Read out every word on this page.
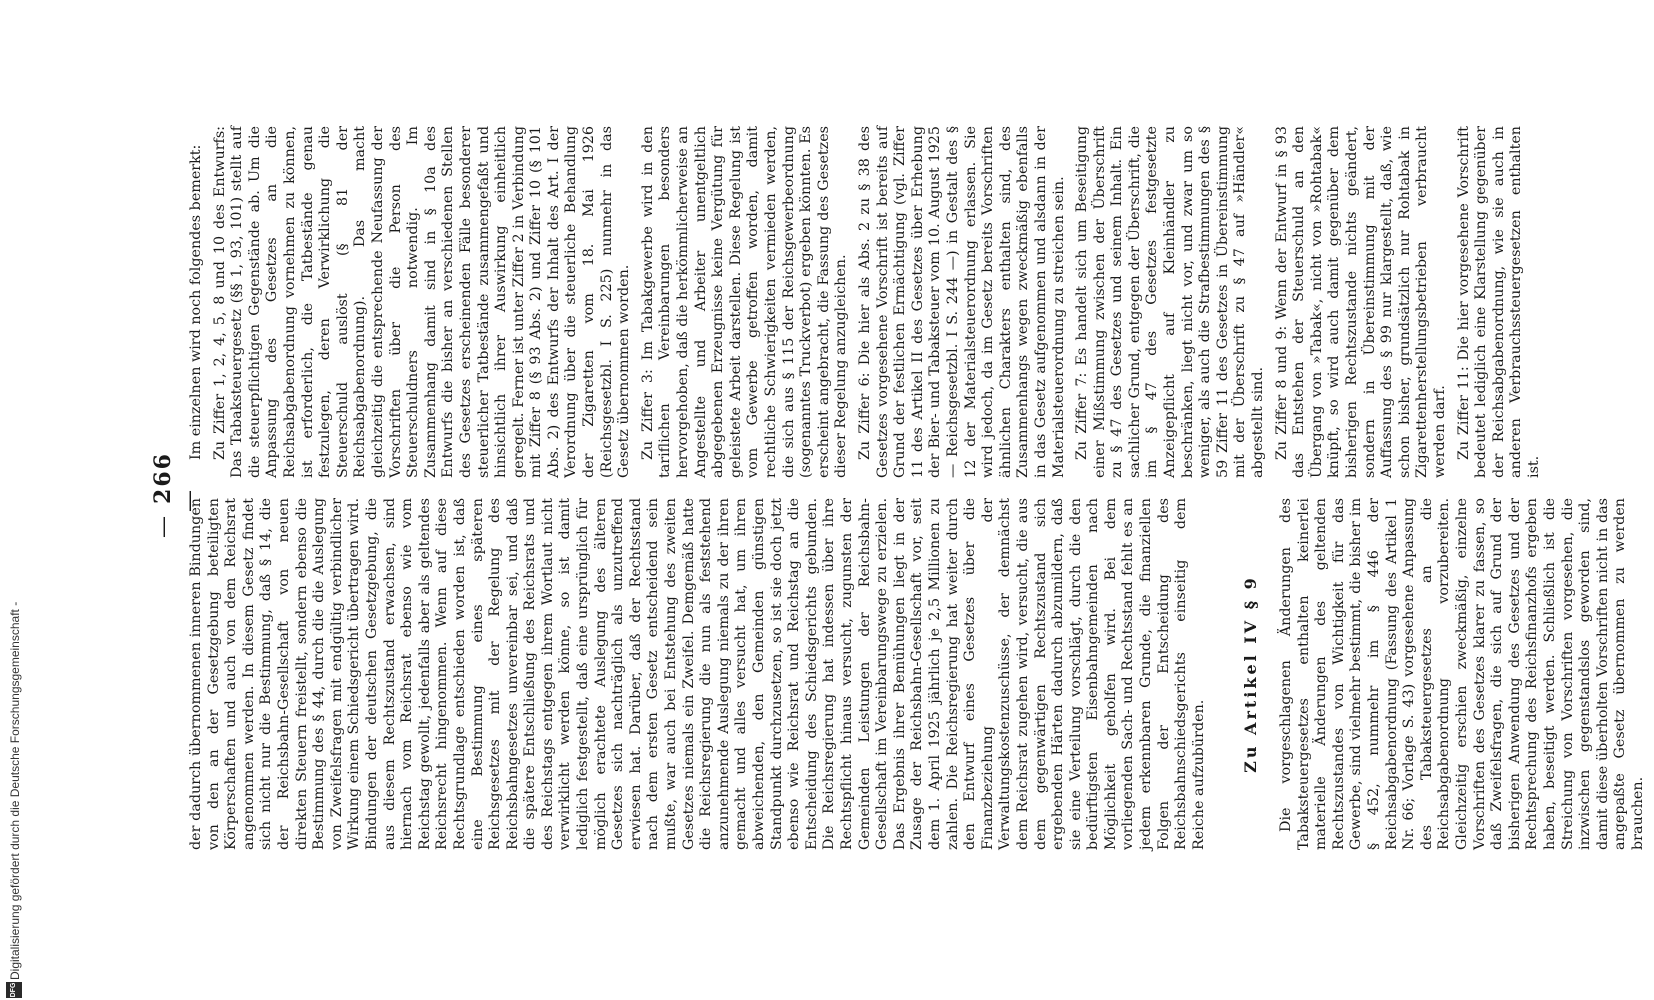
DFG
Digitalisierung gefördert durch die Deutsche Forschungsgemeinschaft -
— 266 —

der dadurch übernommenen inneren Bindungen von den an der Gesetzgebung beteiligten Körperschaften und auch von dem Reichsrat angenommen werden. In diesem Gesetz findet sich nicht nur die Bestimmung, daß § 14, die der Reichsbahn-Gesellschaft von neuen direkten Steuern freistellt, sondern ebenso die Bestimmung des § 44, durch die die Auslegung von Zweifelsfragen mit endgültig verbindlicher Wirkung einem Schiedsgericht übertragen wird. Bindungen der deutschen Gesetzgebung, die aus diesem Rechtszustand erwachsen, sind hiernach vom Reichsrat ebenso wie vom Reichstag gewollt, jedenfalls aber als geltendes Reichsrecht hingenommen. Wenn auf diese Rechtsgrundlage entschieden worden ist, daß eine Bestimmung eines späteren Reichsgesetzes mit der Regelung des Reichsbahngesetzes unvereinbar sei, und daß die spätere Entschließung des Reichsrats und des Reichstags entgegen ihrem Wortlaut nicht verwirklicht werden könne, so ist damit lediglich festgestellt, daß eine ursprünglich für möglich erachtete Auslegung des älteren Gesetzes sich nachträglich als unzutreffend erwiesen hat. Darüber, daß der Rechtsstand nach dem ersten Gesetz entscheidend sein mußte, war auch bei Entstehung des zweiten Gesetzes niemals ein Zweifel. Demgemäß hatte die Reichsregierung die nun als feststehend anzunehmende Auslegung niemals zu der ihren gemacht und alles versucht hat, um ihren abweichenden, den Gemeinden günstigen Standpunkt durchzusetzen, so ist sie doch jetzt ebenso wie Reichsrat und Reichstag an die Entscheidung des Schiedsgerichts gebunden. Die Reichsregierung hat indessen über ihre Rechtspflicht hinaus versucht, zugunsten der Gemeinden Leistungen der Reichsbahn-Gesellschaft im Vereinbarungswege zu erzielen. Das Ergebnis ihrer Bemühungen liegt in der Zusage der Reichsbahn-Gesellschaft vor, seit dem 1. April 1925 jährlich je 2,5 Millionen zu zahlen. Die Reichsregierung hat weiter durch den Entwurf eines Gesetzes über die Finanzbeziehung der Verwaltungskostenzuschüsse, der demnächst dem Reichsrat zugehen wird, versucht, die aus dem gegenwärtigen Rechtszustand sich ergebenden Härten dadurch abzumildern, daß sie eine Verteilung vorschlägt, durch die den bedürftigsten Eisenbahngemeinden nach Möglichkeit geholfen wird. Bei dem vorliegenden Sach- und Rechtsstand fehlt es an jedem erkennbaren Grunde, die finanziellen Folgen der Entscheidung des Reichsbahnschiedsgerichts einseitig dem Reiche aufzubürden.

Zu Artikel IV § 9 Die vorgeschlagenen Änderungen des Tabaksteuergesetzes enthalten keinerlei materielle Änderungen des geltenden Rechtszustandes von Wichtigkeit für das Gewerbe, sind vielmehr bestimmt, die bisher im § 452, nummehr im § 446 der Reichsabgabenordnung (Fassung des Artikel 1 Nr. 66; Vorlage S. 43) vorgesehene Anpassung des Tabaksteuergesetzes an die Reichsabgabenordnung vorzubereiten. Gleichzeitig erschien zweckmäßig, einzelne Vorschriften des Gesetzes klarer zu fassen, so daß Zweifelsfragen, die sich auf Grund der bisherigen Anwendung des Gesetzes und der Rechtsprechung des Reichsfinanzhofs ergeben haben, beseitigt werden. Schließlich ist die Streichung von Vorschriften vorgesehen, die inzwischen gegenstandslos geworden sind, damit diese überholten Vorschriften nicht in das angepaßte Gesetz übernommen zu werden brauchen.

Im einzelnen wird noch folgendes bemerkt: Zu Ziffer 1, 2, 4, 5, 8 und 10 des Entwurfs: Das Tabaksteuergesetz (§§ 1, 93, 101) stellt auf die steuerpflichtigen Gegenstände ab. Um die Anpassung des Gesetzes an die Reichsabgabenordnung vornehmen zu können, ist erforderlich, die Tatbestände genau festzulegen, deren Verwirklichung die Steuerschuld auslöst (§ 81 der Reichsabgabenordnung). Das macht gleichzeitig die entsprechende Neufassung der Vorschriften über die Person des Steuerschuldners notwendig. Im Zusammenhang damit sind in § 10a des Entwurfs die bisher an verschiedenen Stellen des Gesetzes erscheinenden Fälle besonderer steuerlicher Tatbestände zusammengefaßt und hinsichtlich ihrer Auswirkung einheitlich geregelt. Ferner ist unter Ziffer 2 in Verbindung mit Ziffer 8 (§ 93 Abs. 2) und Ziffer 10 (§ 101 Abs. 2) des Entwurfs der Inhalt des Art. I der Verordnung über die steuerliche Behandlung der Zigaretten vom 18. Mai 1926 (Reichsgesetzbl. I S. 225) nunmehr in das Gesetz übernommen worden. Zu Ziffer 3: Im Tabakgewerbe wird in den tariflichen Vereinbarungen besonders hervorgehoben, daß die herkömmlicherweise an Angestellte und Arbeiter unentgeltlich abgegebenen Erzeugnisse keine Vergütung für geleistete Arbeit darstellen. Diese Regelung ist vom Gewerbe getroffen worden, damit rechtliche Schwierigkeiten vermieden werden, die sich aus § 115 der Reichsgewerbeordnung (sogenanntes Truckverbot) ergeben könnten. Es erscheint angebracht, die Fassung des Gesetzes dieser Regelung anzugleichen. Zu Ziffer 6: Die hier als Abs. 2 zu § 38 des Gesetzes vorgesehene Vorschrift ist bereits auf Grund der festlichen Ermächtigung (vgl. Ziffer 11 des Artikel II des Gesetzes über Erhebung der Bier- und Tabaksteuer vom 10. August 1925 — Reichsgesetzbl. I S. 244 —) in Gestalt des § 12 der Materialsteuerordnung erlassen. Sie wird jedoch, da im Gesetz bereits Vorschriften ähnlichen Charakters enthalten sind, des Zusammenhangs wegen zweckmäßig ebenfalls in das Gesetz aufgenommen und alsdann in der Materialsteuerordnung zu streichen sein. Zu Ziffer 7: Es handelt sich um Beseitigung einer Mißstimmung zwischen der Überschrift zu § 47 des Gesetzes und seinem Inhalt. Ein sachlicher Grund, entgegen der Überschrift, die im § 47 des Gesetzes festgesetzte Anzeigepflicht auf Kleinhändler zu beschränken, liegt nicht vor, und zwar um so weniger, als auch die Strafbestimmungen des § 59 Ziffer 11 des Gesetzes in Übereinstimmung mit der Überschrift zu § 47 auf »Händler« abgestellt sind. Zu Ziffer 8 und 9: Wenn der Entwurf in § 93 das Entstehen der Steuerschuld an den Übergang von »Tabak«, nicht von »Rohtabak« knüpft, so wird auch damit gegenüber dem bisherigen Rechtszustande nichts geändert, sondern in Übereinstimmung mit der Auffassung des § 99 nur klargestellt, daß, wie schon bisher, grundsätzlich nur Rohtabak in Zigarettenherstellungsbetrieben verbraucht werden darf. Zu Ziffer 11: Die hier vorgesehene Vorschrift bedeutet lediglich eine Klarstellung gegenüber der Reichsabgabenordnung, wie sie auch in anderen Verbrauchssteuergesetzen enthalten ist.
